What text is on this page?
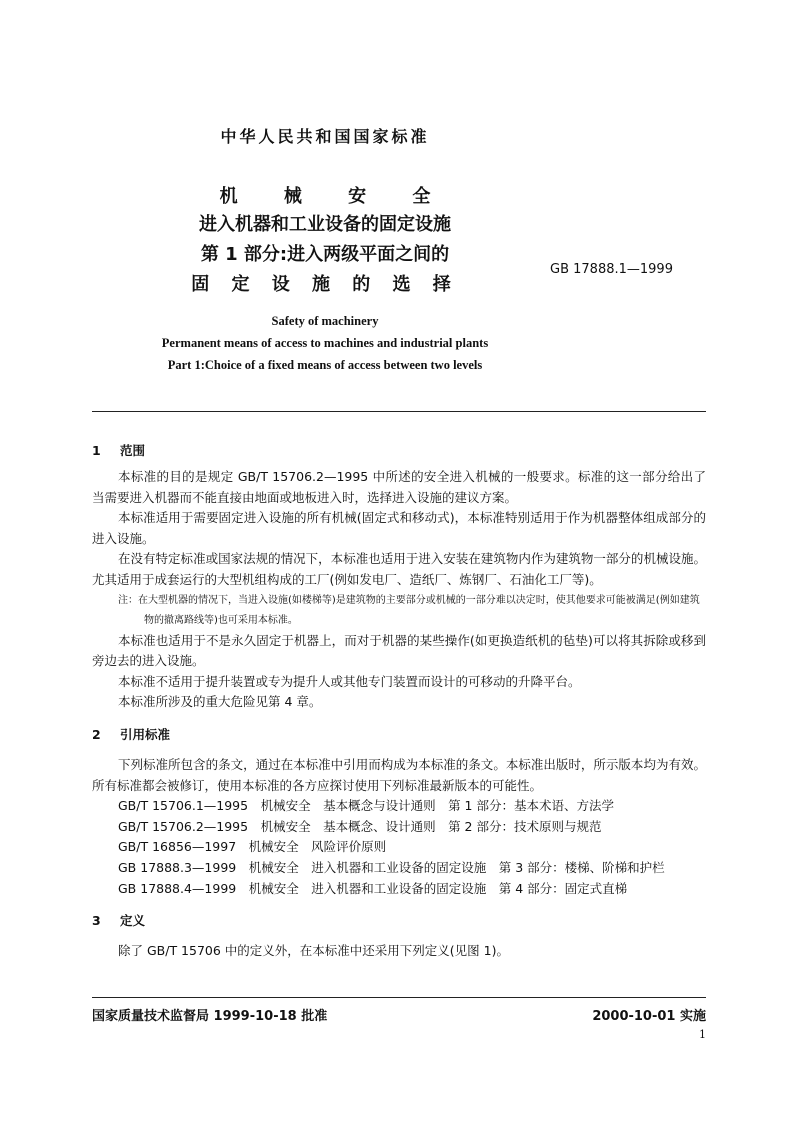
中华人民共和国国家标准
机 械 安 全
进入机器和工业设备的固定设施
第 1 部分:进入两级平面之间的
固 定 设 施 的 选 择
GB 17888.1—1999
Safety of machinery
Permanent means of access to machines and industrial plants
Part 1:Choice of a fixed means of access between two levels
1 范围

本标准的目的是规定 GB/T 15706.2—1995 中所述的安全进入机械的一般要求。标准的这一部分给出了当需要进入机器而不能直接由地面或地板进入时，选择进入设施的建议方案。

本标准适用于需要固定进入设施的所有机械(固定式和移动式)，本标准特别适用于作为机器整体组成部分的进入设施。

在没有特定标准或国家法规的情况下，本标准也适用于进入安装在建筑物内作为建筑物一部分的机械设施。尤其适用于成套运行的大型机组构成的工厂(例如发电厂、造纸厂、炼钢厂、石油化工厂等)。

注：在大型机器的情况下，当进入设施(如楼梯等)是建筑物的主要部分或机械的一部分难以决定时，使其他要求可能被满足(例如建筑物的撤离路线等)也可采用本标准。

本标准也适用于不是永久固定于机器上，而对于机器的某些操作(如更换造纸机的毡垫)可以将其拆除或移到旁边去的进入设施。

本标准不适用于提升装置或专为提升人或其他专门装置而设计的可移动的升降平台。

本标准所涉及的重大危险见第 4 章。

2 引用标准

下列标准所包含的条文，通过在本标准中引用而构成为本标准的条文。本标准出版时，所示版本均为有效。所有标准都会被修订，使用本标准的各方应探讨使用下列标准最新版本的可能性。

GB/T 15706.1—1995　机械安全　基本概念与设计通则　第 1 部分：基本术语、方法学
GB/T 15706.2—1995　机械安全　基本概念、设计通则　第 2 部分：技术原则与规范
GB/T 16856—1997　机械安全　风险评价原则
GB 17888.3—1999　机械安全　进入机器和工业设备的固定设施　第 3 部分：楼梯、阶梯和护栏
GB 17888.4—1999　机械安全　进入机器和工业设备的固定设施　第 4 部分：固定式直梯
3 定义

除了 GB/T 15706 中的定义外，在本标准中还采用下列定义(见图 1)。

国家质量技术监督局 1999-10-18 批准	2000-10-01 实施
1
